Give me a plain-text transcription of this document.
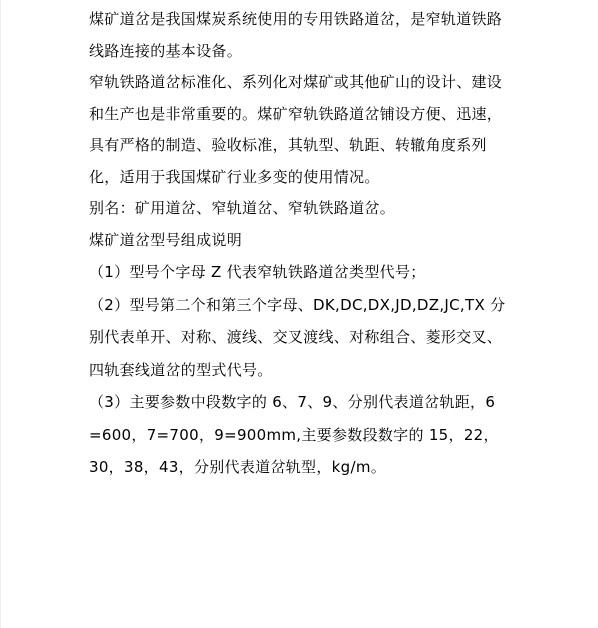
煤矿道岔是我国煤炭系统使用的专用铁路道岔，是窄轨道铁路线路连接的基本设备。

窄轨铁路道岔标准化、系列化对煤矿或其他矿山的设计、建设和生产也是非常重要的。煤矿窄轨铁路道岔铺设方便、迅速，具有严格的制造、验收标准，其轨型、轨距、转辙角度系列化，适用于我国煤矿行业多变的使用情况。

别名：矿用道岔、窄轨道岔、窄轨铁路道岔。

煤矿道岔型号组成说明

（1）型号个字母 Z 代表窄轨铁路道岔类型代号；

（2）型号第二个和第三个字母、DK,DC,DX,JD,DZ,JC,TX 分别代表单开、对称、渡线、交叉渡线、对称组合、菱形交叉、四轨套线道岔的型式代号。

（3）主要参数中段数字的 6、7、9、分别代表道岔轨距，6=600，7=700，9=900mm,主要参数段数字的 15，22，30，38，43，分别代表道岔轨型，kg/m。
